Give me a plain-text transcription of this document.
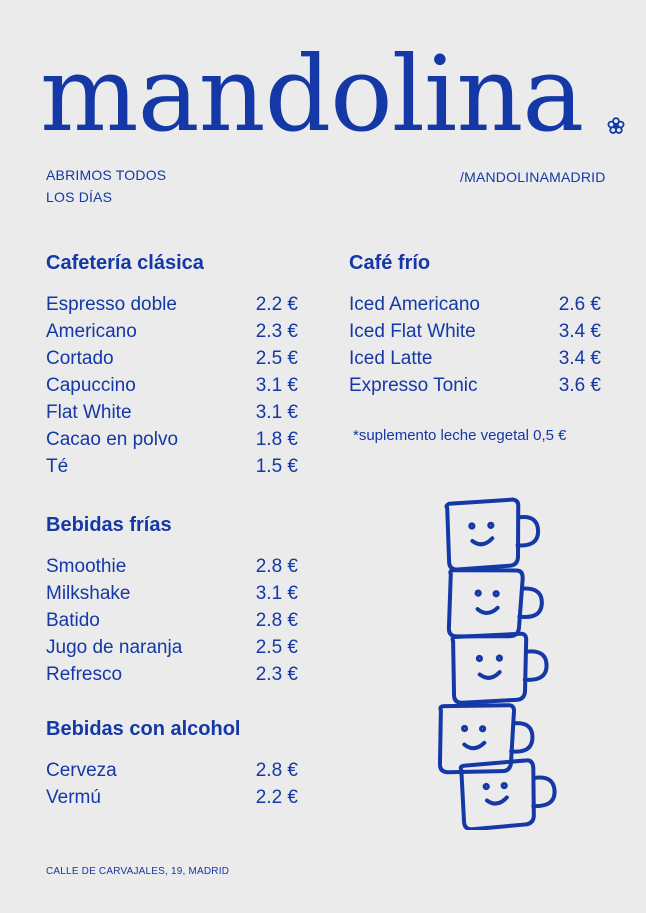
mandolina
ABRIMOS TODOS
LOS DÍAS
/MANDOLINAMADRID
Cafetería clásica
Espresso doble	2.2 €
Americano	2.3 €
Cortado	2.5 €
Capuccino	3.1 €
Flat White	3.1 €
Cacao en polvo	1.8 €
Té	1.5 €
Café frío
Iced Americano	2.6 €
Iced Flat White	3.4 €
Iced Latte	3.4 €
Expresso Tonic	3.6 €
*suplemento leche vegetal 0,5 €
Bebidas frías
Smoothie	2.8 €
Milkshake	3.1 €
Batido	2.8 €
Jugo de naranja	2.5 €
Refresco	2.3 €
Bebidas con alcohol
Cerveza	2.8 €
Vermú	2.2 €
CALLE DE CARVAJALES, 19, MADRID
